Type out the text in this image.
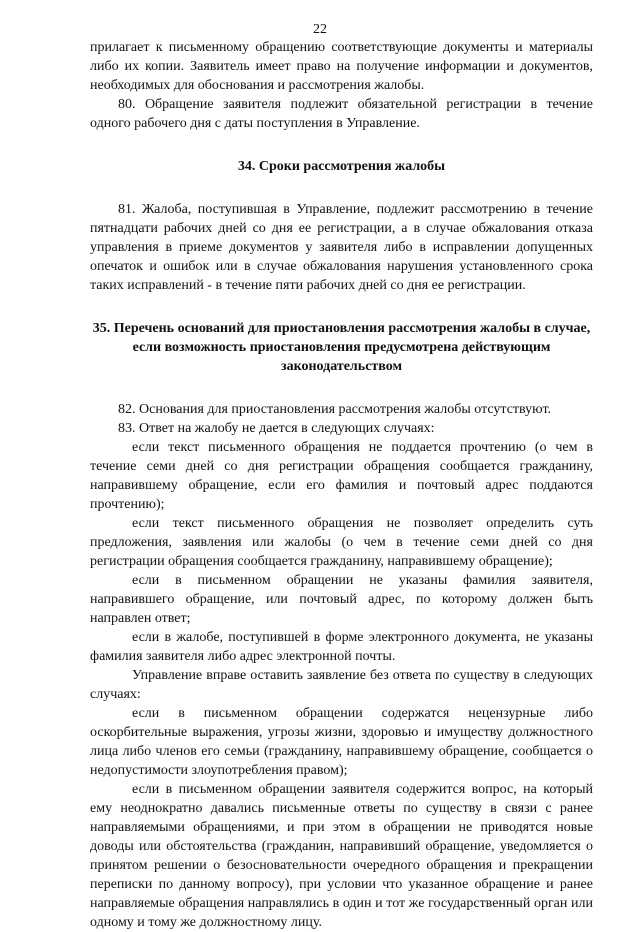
22

прилагает к письменному обращению соответствующие документы и материалы либо их копии. Заявитель имеет право на получение информации и документов, необходимых для обоснования и рассмотрения жалобы.

80. Обращение заявителя подлежит обязательной регистрации в течение одного рабочего дня с даты поступления в Управление.

34. Сроки рассмотрения жалобы

81. Жалоба, поступившая в Управление, подлежит рассмотрению в течение пятнадцати рабочих дней со дня ее регистрации, а в случае обжалования отказа управления в приеме документов у заявителя либо в исправлении допущенных опечаток и ошибок или в случае обжалования нарушения установленного срока таких исправлений - в течение пяти рабочих дней со дня ее регистрации.

35. Перечень оснований для приостановления рассмотрения жалобы в случае, если возможность приостановления предусмотрена действующим законодательством

82. Основания для приостановления рассмотрения жалобы отсутствуют.

83. Ответ на жалобу не дается в следующих случаях:

если текст письменного обращения не поддается прочтению (о чем в течение семи дней со дня регистрации обращения сообщается гражданину, направившему обращение, если его фамилия и почтовый адрес поддаются прочтению);

если текст письменного обращения не позволяет определить суть предложения, заявления или жалобы (о чем в течение семи дней со дня регистрации обращения сообщается гражданину, направившему обращение);

если в письменном обращении не указаны фамилия заявителя, направившего обращение, или почтовый адрес, по которому должен быть направлен ответ;

если в жалобе, поступившей в форме электронного документа, не указаны фамилия заявителя либо адрес электронной почты.

Управление вправе оставить заявление без ответа по существу в следующих случаях:

если в письменном обращении содержатся нецензурные либо оскорбительные выражения, угрозы жизни, здоровью и имуществу должностного лица либо членов его семьи (гражданину, направившему обращение, сообщается о недопустимости злоупотребления правом);

если в письменном обращении заявителя содержится вопрос, на который ему неоднократно давались письменные ответы по существу в связи с ранее направляемыми обращениями, и при этом в обращении не приводятся новые доводы или обстоятельства (гражданин, направивший обращение, уведомляется о принятом решении о безосновательности очередного обращения и прекращении переписки по данному вопросу), при условии что указанное обращение и ранее направляемые обращения направлялись в один и тот же государственный орган или одному и тому же должностному лицу.
